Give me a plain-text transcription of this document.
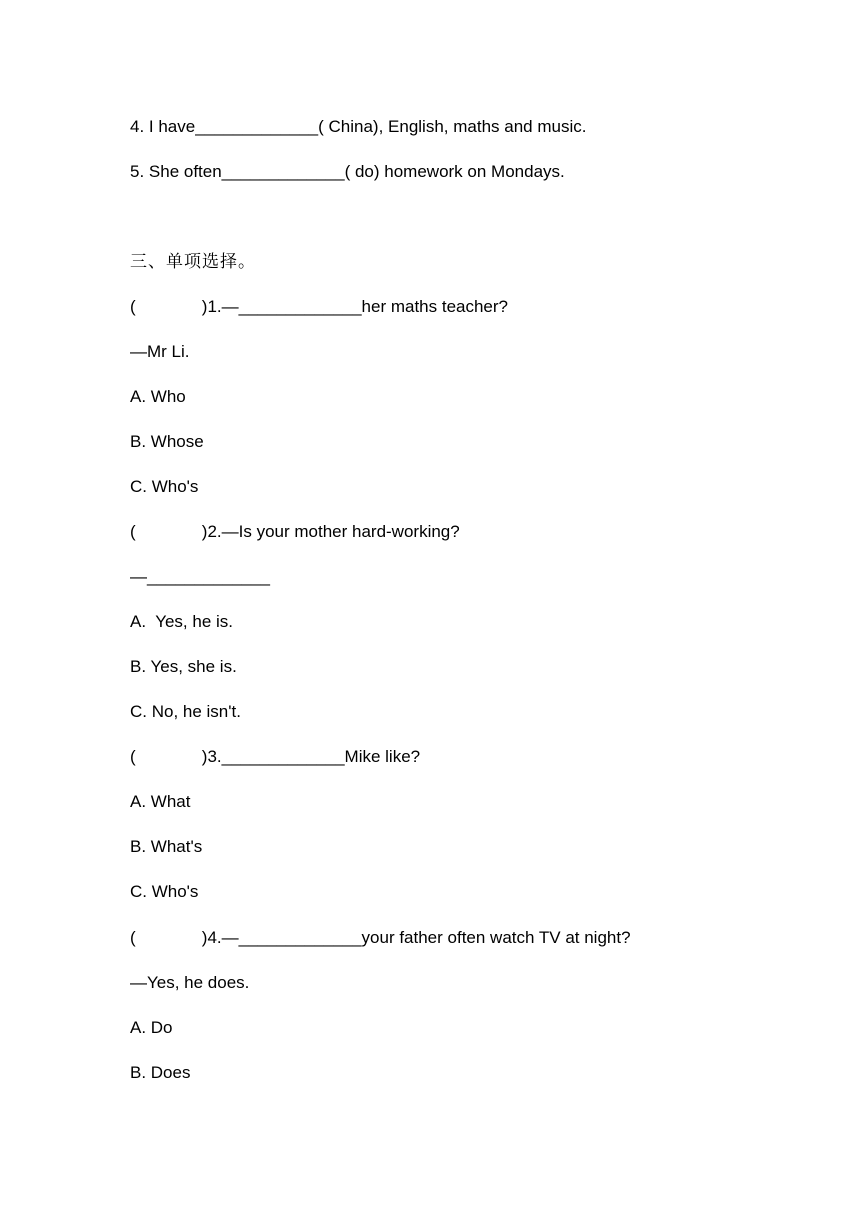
4. I have_____________( China), English, maths and music.
5. She often_____________( do) homework on Mondays.
三、单项选择。
(              )1.—_____________her maths teacher?
—Mr Li.
A. Who
B. Whose
C. Who's
(              )2.—Is your mother hard-working?
—_____________
A.  Yes, he is.
B. Yes, she is.
C. No, he isn't.
(              )3._____________Mike like?
A. What
B. What's
C. Who's
(              )4.—_____________your father often watch TV at night?
—Yes, he does.
A. Do
B. Does
